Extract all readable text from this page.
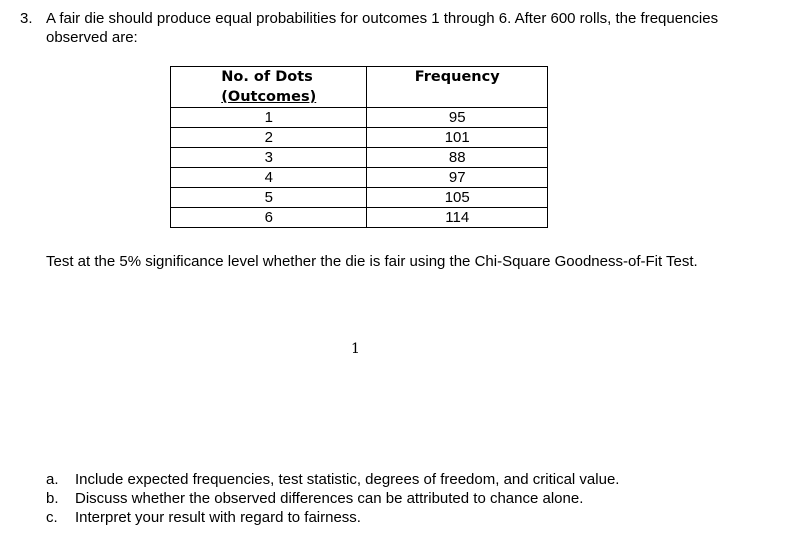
3. A fair die should produce equal probabilities for outcomes 1 through 6. After 600 rolls, the frequencies observed are:
No. of Dots
(Outcomes)	Frequency
1	95
2	101
3	88
4	97
5	105
6	114
Test at the 5% significance level whether the die is fair using the Chi-Square Goodness-of-Fit Test.
1
a. Include expected frequencies, test statistic, degrees of freedom, and critical value.
b. Discuss whether the observed differences can be attributed to chance alone.
c. Interpret your result with regard to fairness.
